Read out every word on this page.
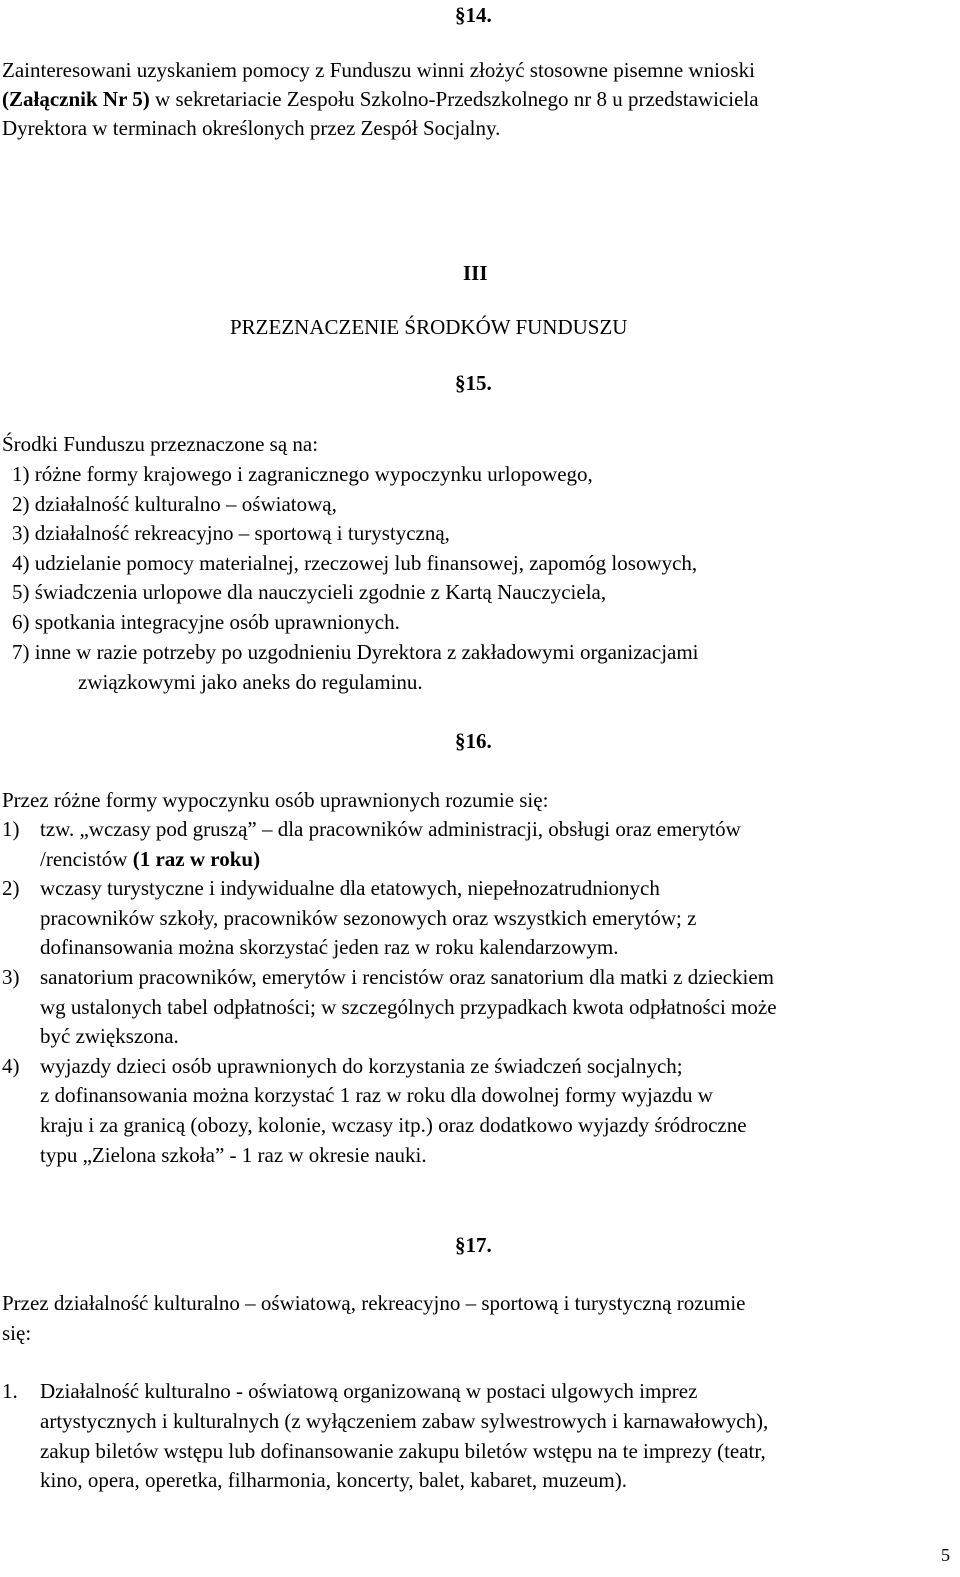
§14.
Zainteresowani uzyskaniem pomocy z Funduszu winni złożyć stosowne pisemne wnioski
(Załącznik Nr 5) w sekretariacie Zespołu Szkolno-Przedszkolnego nr 8 u przedstawiciela
Dyrektora w terminach określonych przez Zespół Socjalny.
III
PRZEZNACZENIE ŚRODKÓW FUNDUSZU
§15.
Środki Funduszu przeznaczone są na:
1) różne formy krajowego i zagranicznego wypoczynku urlopowego,
2) działalność kulturalno – oświatową,
3) działalność rekreacyjno – sportową i turystyczną,
4) udzielanie pomocy materialnej, rzeczowej lub finansowej, zapomóg losowych,
5) świadczenia urlopowe dla nauczycieli zgodnie z Kartą Nauczyciela,
6) spotkania integracyjne osób uprawnionych.
7) inne w razie potrzeby po uzgodnieniu Dyrektora z zakładowymi organizacjami
związkowymi jako aneks do regulaminu.
§16.
Przez różne formy wypoczynku osób uprawnionych rozumie się:
1) tzw. „wczasy pod gruszą” – dla pracowników administracji, obsługi oraz emerytów
/rencistów (1 raz w roku)
2) wczasy turystyczne i indywidualne dla etatowych, niepełnozatrudnionych
pracowników szkoły, pracowników sezonowych oraz wszystkich emerytów; z
dofinansowania można skorzystać jeden raz w roku kalendarzowym.
3) sanatorium pracowników, emerytów i rencistów oraz sanatorium dla matki z dzieckiem
wg ustalonych tabel odpłatności; w szczególnych przypadkach kwota odpłatności może
być zwiększona.
4) wyjazdy dzieci osób uprawnionych do korzystania ze świadczeń socjalnych;
z dofinansowania można korzystać 1 raz w roku dla dowolnej formy wyjazdu w
kraju i za granicą (obozy, kolonie, wczasy itp.) oraz dodatkowo wyjazdy śródroczne
typu „Zielona szkoła” - 1 raz w okresie nauki.
§17.
Przez działalność kulturalno – oświatową, rekreacyjno – sportową i turystyczną rozumie
się:
1. Działalność kulturalno - oświatową organizowaną w postaci ulgowych imprez
artystycznych i kulturalnych (z wyłączeniem zabaw sylwestrowych i karnawałowych),
zakup biletów wstępu lub dofinansowanie zakupu biletów wstępu na te imprezy (teatr,
kino, opera, operetka, filharmonia, koncerty, balet, kabaret, muzeum).
5
